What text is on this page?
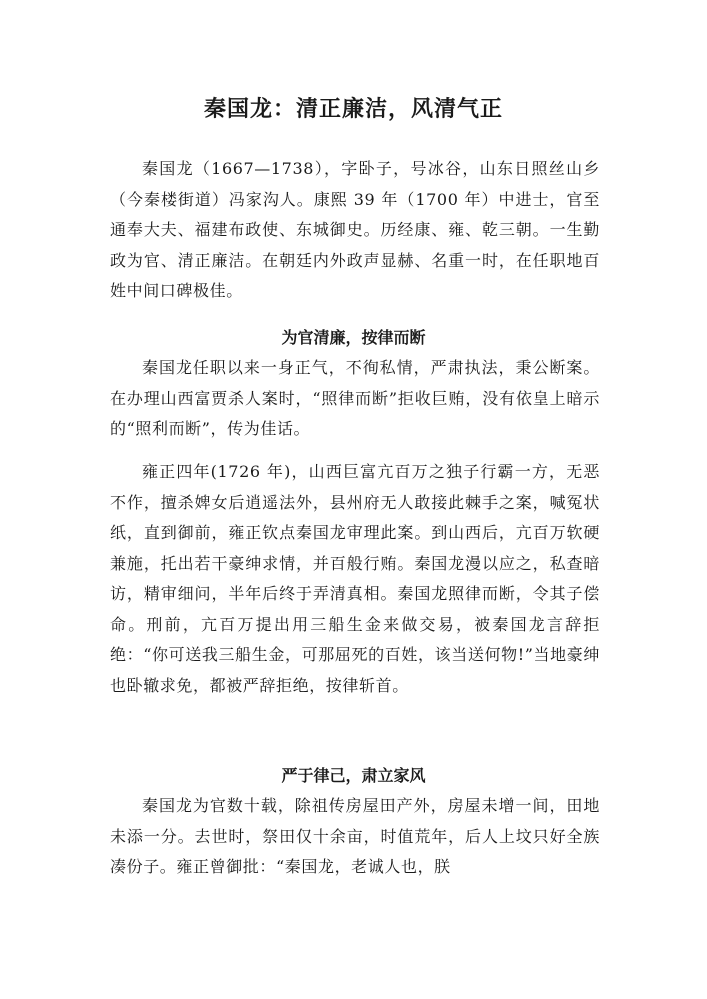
秦国龙：清正廉洁，风清气正

秦国龙（1667—1738），字卧子，号冰谷，山东日照丝山乡（今秦楼街道）冯家沟人。康熙 39 年（1700 年）中进士，官至通奉大夫、福建布政使、东城御史。历经康、雍、乾三朝。一生勤政为官、清正廉洁。在朝廷内外政声显赫、名重一时，在任职地百姓中间口碑极佳。

为官清廉，按律而断

秦国龙任职以来一身正气，不徇私情，严肃执法，秉公断案。在办理山西富贾杀人案时，“照律而断”拒收巨贿，没有依皇上暗示的“照利而断”，传为佳话。

雍正四年(1726 年)，山西巨富亢百万之独子行霸一方，无恶不作，擅杀婢女后逍遥法外，县州府无人敢接此棘手之案，喊冤状纸，直到御前，雍正钦点秦国龙审理此案。到山西后，亢百万软硬兼施，托出若干豪绅求情，并百般行贿。秦国龙漫以应之，私查暗访，精审细问，半年后终于弄清真相。秦国龙照律而断，令其子偿命。刑前，亢百万提出用三船生金来做交易，被秦国龙言辞拒绝：“你可送我三船生金，可那屈死的百姓，该当送何物!”当地豪绅也卧辙求免，都被严辞拒绝，按律斩首。

严于律己，肃立家风

秦国龙为官数十载，除祖传房屋田产外，房屋未增一间，田地未添一分。去世时，祭田仅十余亩，时值荒年，后人上坟只好全族凑份子。雍正曾御批：“秦国龙，老诚人也，朕
